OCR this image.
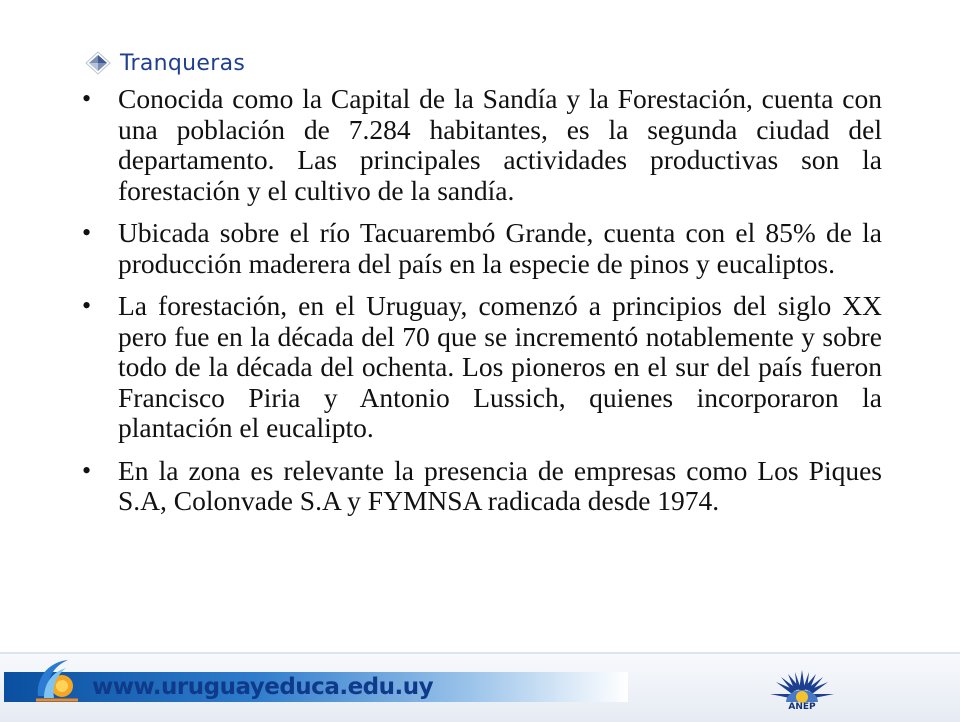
Tranqueras
• Conocida como la Capital de la Sandía y la Forestación, cuenta con una población de 7.284 habitantes, es la segunda ciudad del departamento. Las principales actividades productivas son la forestación y el cultivo de la sandía.
• Ubicada sobre el río Tacuarembó Grande, cuenta con el 85% de la producción maderera del país en la especie de pinos y eucaliptos.
• La forestación, en el Uruguay, comenzó a principios del siglo XX pero fue en la década del 70 que se incrementó notablemente y sobre todo de la década del ochenta. Los pioneros en el sur del país fueron Francisco Piria y Antonio Lussich, quienes incorporaron la plantación el eucalipto.
• En la zona es relevante la presencia de empresas como Los Piques S.A, Colonvade S.A y FYMNSA radicada desde 1974.
www.uruguayeduca.edu.uy
ANEP
